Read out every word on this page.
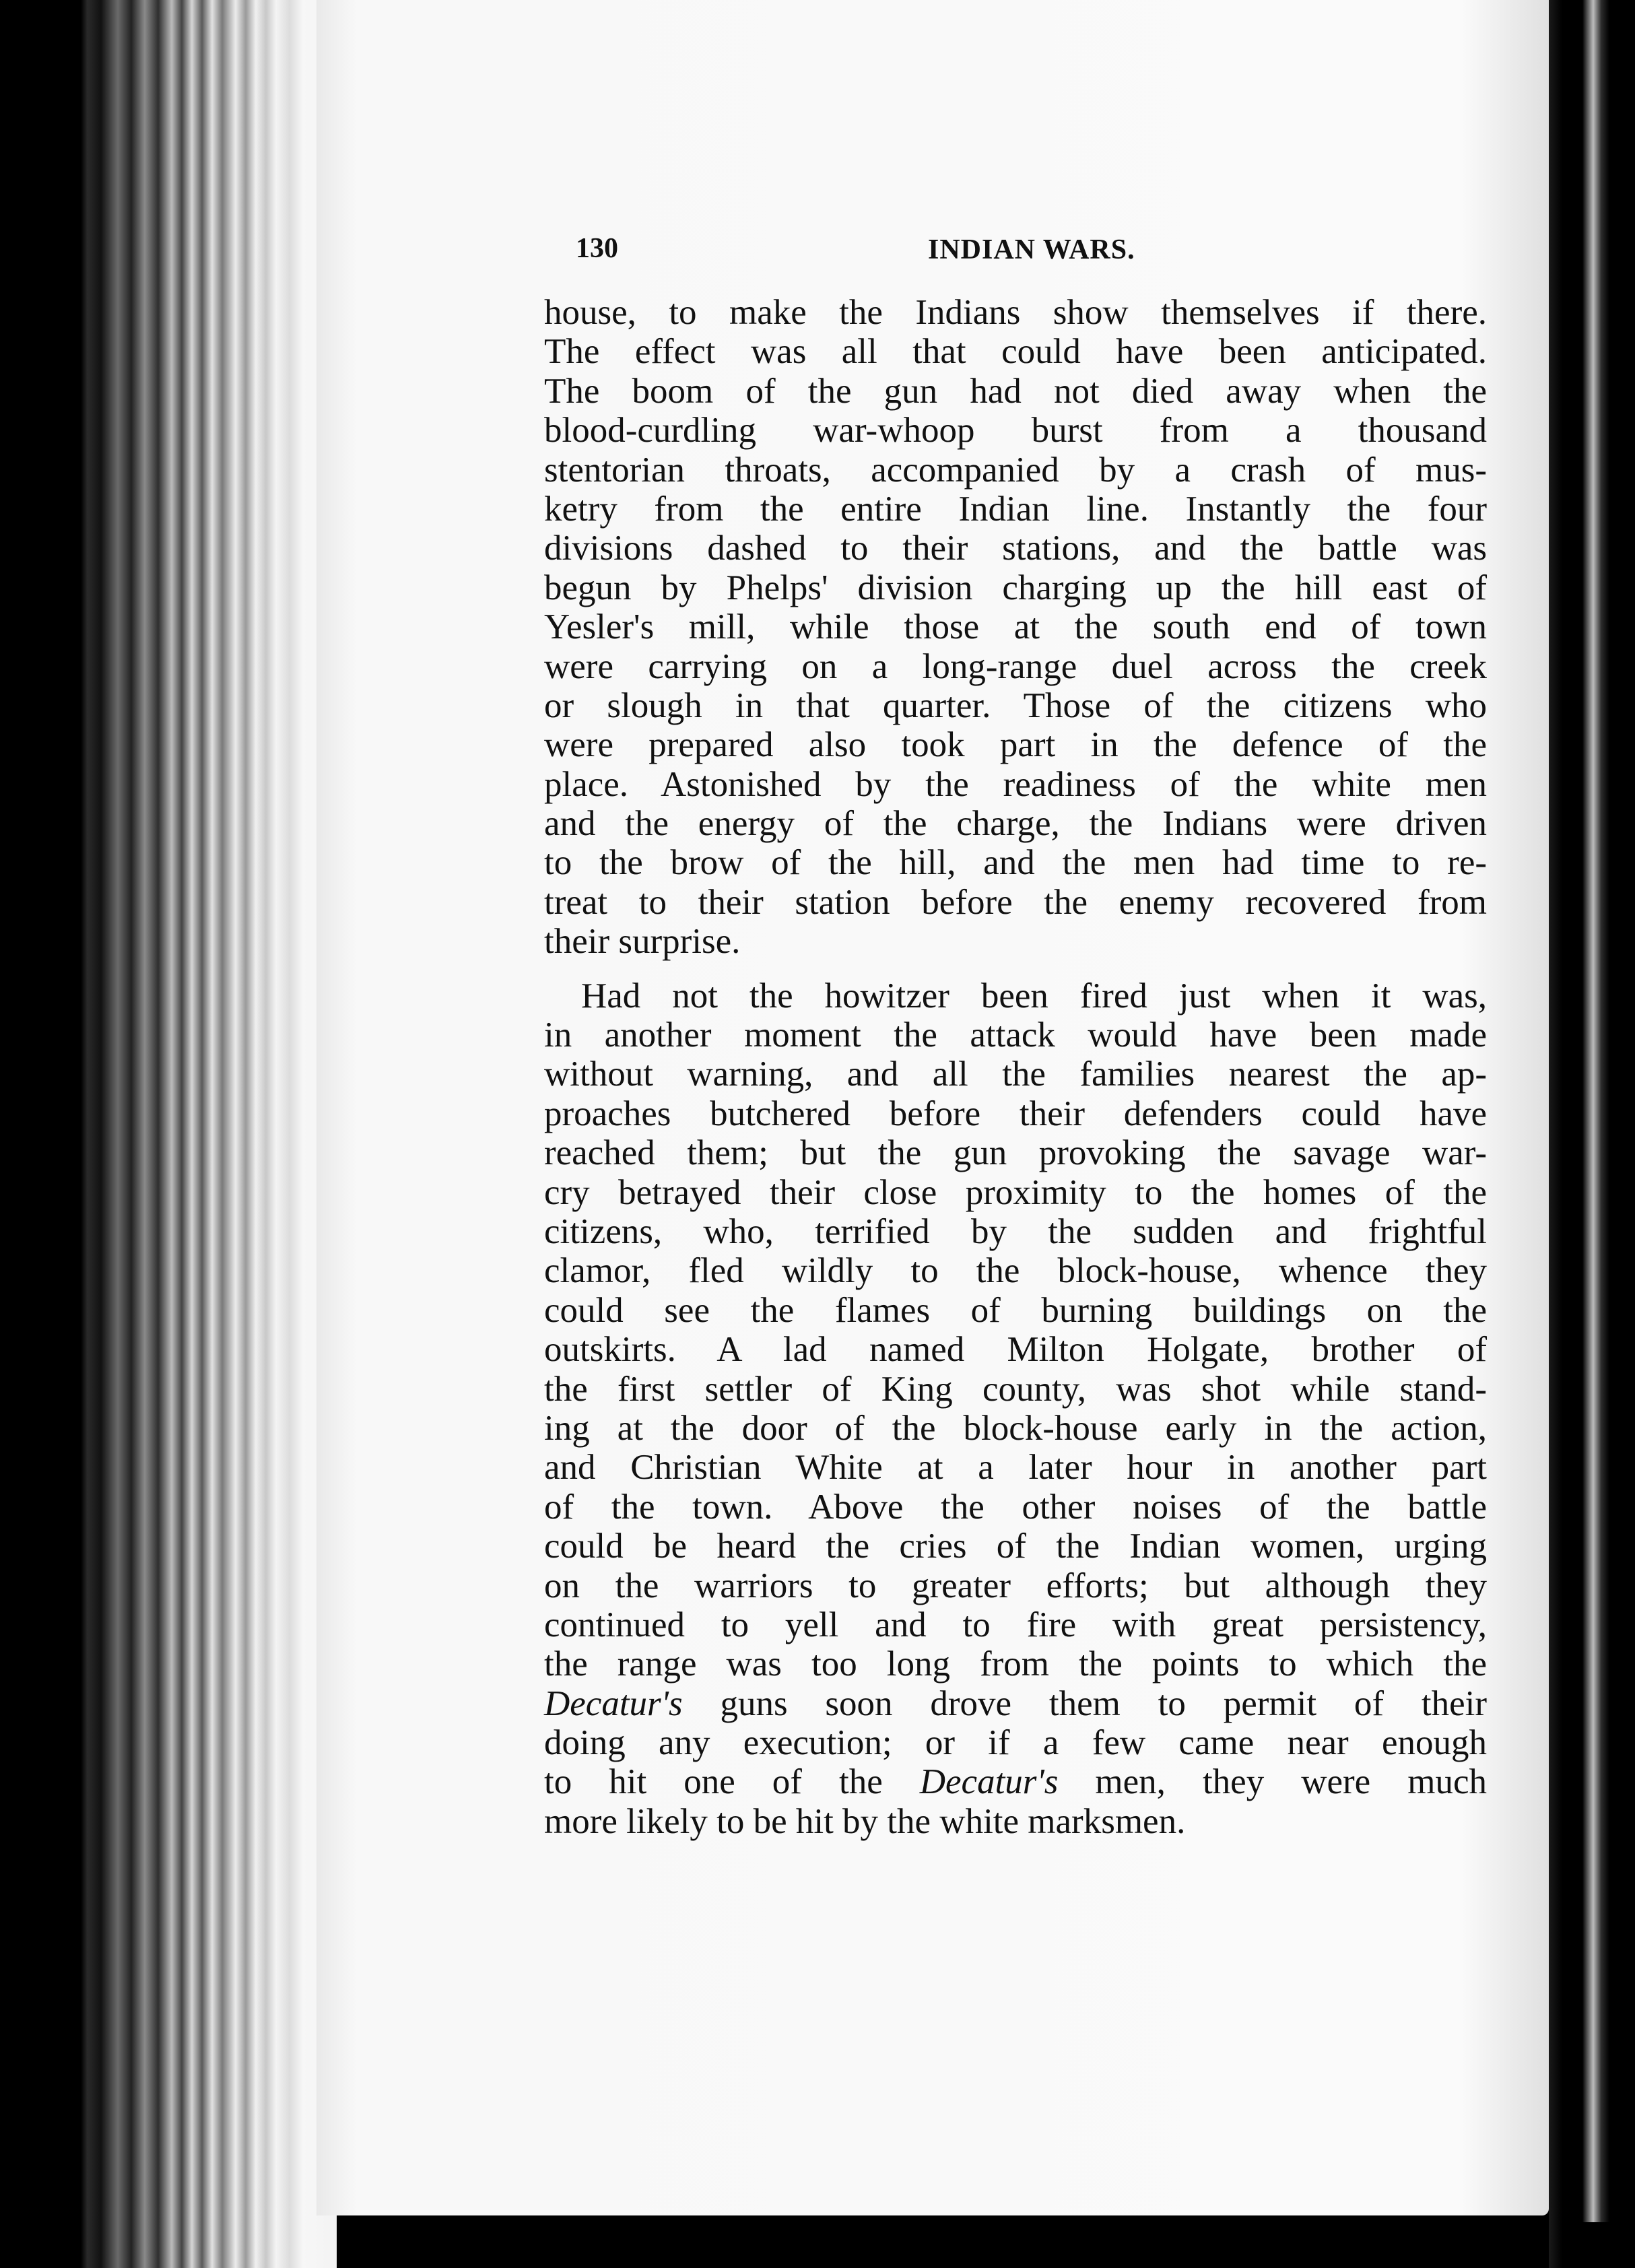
130	INDIAN WARS.
house, to make the Indians show themselves if there.
The effect was all that could have been anticipated.
The boom of the gun had not died away when the
blood-curdling war-whoop burst from a thousand
stentorian throats, accompanied by a crash of mus-
ketry from the entire Indian line. Instantly the four
divisions dashed to their stations, and the battle was
begun by Phelps' division charging up the hill east of
Yesler's mill, while those at the south end of town
were carrying on a long-range duel across the creek
or slough in that quarter. Those of the citizens who
were prepared also took part in the defence of the
place. Astonished by the readiness of the white men
and the energy of the charge, the Indians were driven
to the brow of the hill, and the men had time to re-
treat to their station before the enemy recovered from
their surprise.
Had not the howitzer been fired just when it was,
in another moment the attack would have been made
without warning, and all the families nearest the ap-
proaches butchered before their defenders could have
reached them; but the gun provoking the savage war-
cry betrayed their close proximity to the homes of the
citizens, who, terrified by the sudden and frightful
clamor, fled wildly to the block-house, whence they
could see the flames of burning buildings on the
outskirts. A lad named Milton Holgate, brother of
the first settler of King county, was shot while stand-
ing at the door of the block-house early in the action,
and Christian White at a later hour in another part
of the town. Above the other noises of the battle
could be heard the cries of the Indian women, urging
on the warriors to greater efforts; but although they
continued to yell and to fire with great persistency,
the range was too long from the points to which the
Decatur's guns soon drove them to permit of their
doing any execution; or if a few came near enough
to hit one of the Decatur's men, they were much
more likely to be hit by the white marksmen.
